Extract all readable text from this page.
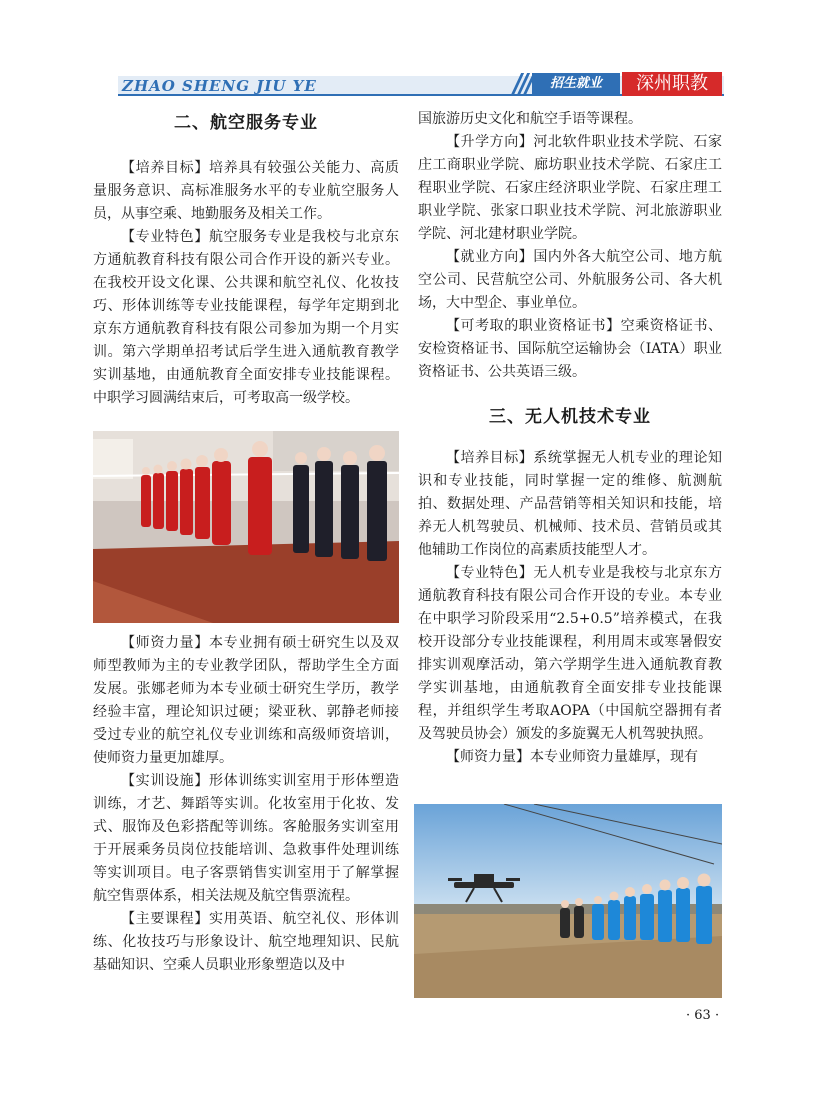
ZHAO SHENG JIU YE	招生就业	深州职教
二、航空服务专业

【培养目标】培养具有较强公关能力、高质量服务意识、高标准服务水平的专业航空服务人员，从事空乘、地勤服务及相关工作。

【专业特色】航空服务专业是我校与北京东方通航教育科技有限公司合作开设的新兴专业。在我校开设文化课、公共课和航空礼仪、化妆技巧、形体训练等专业技能课程，每学年定期到北京东方通航教育科技有限公司参加为期一个月实训。第六学期单招考试后学生进入通航教育教学实训基地，由通航教育全面安排专业技能课程。中职学习圆满结束后，可考取高一级学校。

【师资力量】本专业拥有硕士研究生以及双师型教师为主的专业教学团队，帮助学生全方面发展。张娜老师为本专业硕士研究生学历，教学经验丰富，理论知识过硬；梁亚秋、郭静老师接受过专业的航空礼仪专业训练和高级师资培训，使师资力量更加雄厚。

【实训设施】形体训练实训室用于形体塑造训练，才艺、舞蹈等实训。化妆室用于化妆、发式、服饰及色彩搭配等训练。客舱服务实训室用于开展乘务员岗位技能培训、急救事件处理训练等实训项目。电子客票销售实训室用于了解掌握航空售票体系，相关法规及航空售票流程。

【主要课程】实用英语、航空礼仪、形体训练、化妆技巧与形象设计、航空地理知识、民航基础知识、空乘人员职业形象塑造以及中

国旅游历史文化和航空手语等课程。

【升学方向】河北软件职业技术学院、石家庄工商职业学院、廊坊职业技术学院、石家庄工程职业学院、石家庄经济职业学院、石家庄理工职业学院、张家口职业技术学院、河北旅游职业学院、河北建材职业学院。

【就业方向】国内外各大航空公司、地方航空公司、民营航空公司、外航服务公司、各大机场，大中型企、事业单位。

【可考取的职业资格证书】空乘资格证书、安检资格证书、国际航空运输协会（IATA）职业资格证书、公共英语三级。

三、无人机技术专业

【培养目标】系统掌握无人机专业的理论知识和专业技能，同时掌握一定的维修、航测航拍、数据处理、产品营销等相关知识和技能，培养无人机驾驶员、机械师、技术员、营销员或其他辅助工作岗位的高素质技能型人才。

【专业特色】无人机专业是我校与北京东方通航教育科技有限公司合作开设的专业。本专业在中职学习阶段采用“2.5+0.5”培养模式，在我校开设部分专业技能课程，利用周末或寒暑假安排实训观摩活动，第六学期学生进入通航教育教学实训基地，由通航教育全面安排专业技能课程，并组织学生考取AOPA（中国航空器拥有者及驾驶员协会）颁发的多旋翼无人机驾驶执照。

【师资力量】本专业师资力量雄厚，现有

· 63 ·
